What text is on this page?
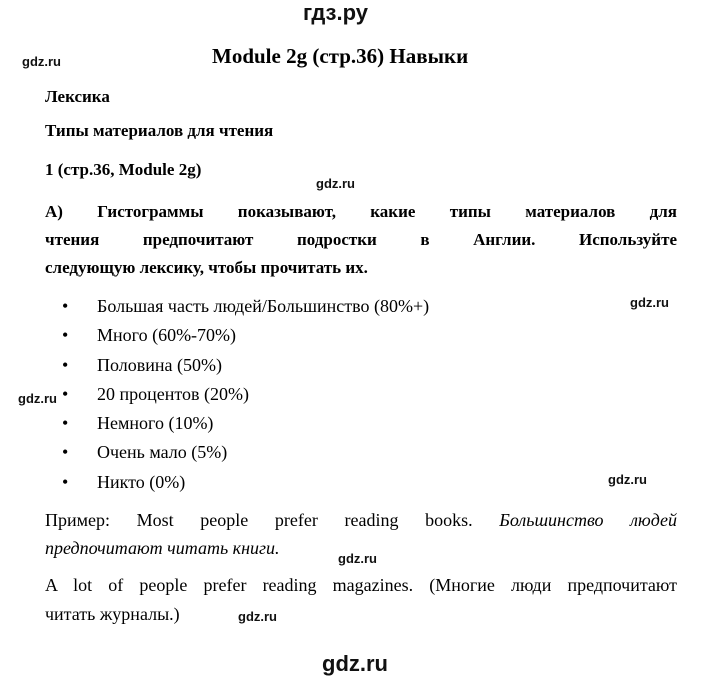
гдз.ру
gdz.ru
gdz.ru
gdz.ru
gdz.ru
gdz.ru
gdz.ru
gdz.ru
gdz.ru
Module 2g (стр.36) Навыки
Лексика
Типы материалов для чтения
1 (стр.36, Module 2g)
А) Гистограммы показывают, какие типы материалов для
чтения предпочитают подростки в Англии. Используйте
следующую лексику, чтобы прочитать их.
• Большая часть людей/Большинство (80%+)
• Много (60%-70%)
• Половина (50%)
• 20 процентов (20%)
• Немного (10%)
• Очень мало (5%)
• Никто (0%)
Пример: Most people prefer reading books. Большинство людей
предпочитают читать книги.
A lot of people prefer reading magazines. (Многие люди предпочитают
читать журналы.)
